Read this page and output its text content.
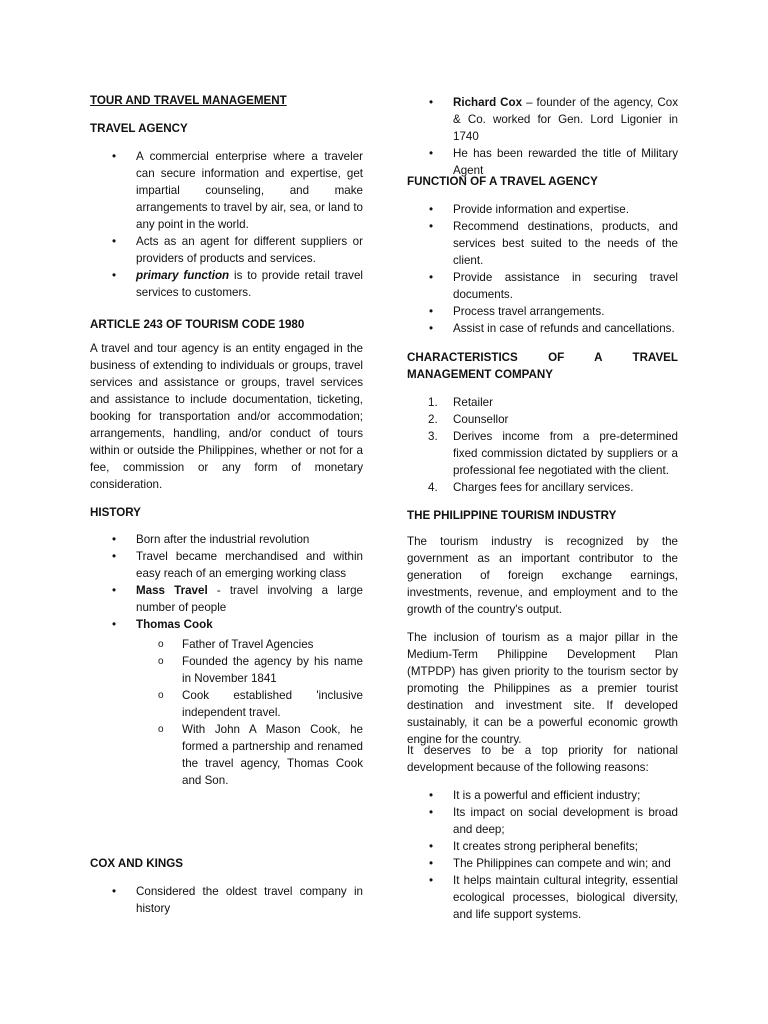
TOUR AND TRAVEL MANAGEMENT
TRAVEL AGENCY
• A commercial enterprise where a traveler can secure information and expertise, get impartial counseling, and make arrangements to travel by air, sea, or land to any point in the world.
• Acts as an agent for different suppliers or providers of products and services.
• primary function is to provide retail travel services to customers.
ARTICLE 243 OF TOURISM CODE 1980

A travel and tour agency is an entity engaged in the business of extending to individuals or groups, travel services and assistance or groups, travel services and assistance to include documentation, ticketing, booking for transportation and/or accommodation; arrangements, handling, and/or conduct of tours within or outside the Philippines, whether or not for a fee, commission or any form of monetary consideration.

HISTORY
• Born after the industrial revolution
• Travel became merchandised and within easy reach of an emerging working class
• Mass Travel - travel involving a large number of people
• Thomas Cook
o Father of Travel Agencies
o Founded the agency by his name in November 1841
o Cook established 'inclusive independent travel.
o With John A Mason Cook, he formed a partnership and renamed the travel agency, Thomas Cook and Son.
COX AND KINGS
• Considered the oldest travel company in history
• Richard Cox – founder of the agency, Cox & Co. worked for Gen. Lord Ligonier in 1740
• He has been rewarded the title of Military Agent
FUNCTION OF A TRAVEL AGENCY
• Provide information and expertise.
• Recommend destinations, products, and services best suited to the needs of the client.
• Provide assistance in securing travel documents.
• Process travel arrangements.
• Assist in case of refunds and cancellations.
CHARACTERISTICS OF A TRAVEL MANAGEMENT COMPANY
1. Retailer
2. Counsellor
3. Derives income from a pre-determined fixed commission dictated by suppliers or a professional fee negotiated with the client.
4. Charges fees for ancillary services.
THE PHILIPPINE TOURISM INDUSTRY

The tourism industry is recognized by the government as an important contributor to the generation of foreign exchange earnings, investments, revenue, and employment and to the growth of the country's output.

The inclusion of tourism as a major pillar in the Medium-Term Philippine Development Plan (MTPDP) has given priority to the tourism sector by promoting the Philippines as a premier tourist destination and investment site. If developed sustainably, it can be a powerful economic growth engine for the country.

It deserves to be a top priority for national development because of the following reasons:

• It is a powerful and efficient industry;
• Its impact on social development is broad and deep;
• It creates strong peripheral benefits;
• The Philippines can compete and win; and
• It helps maintain cultural integrity, essential ecological processes, biological diversity, and life support systems.
